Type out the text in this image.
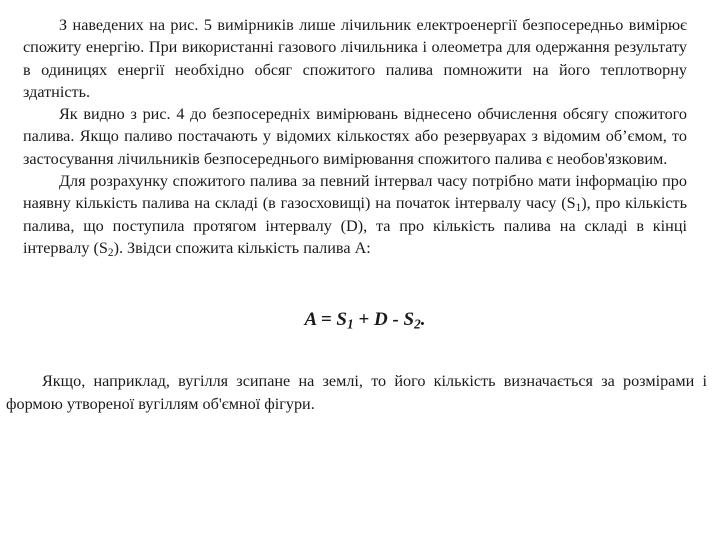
З наведених на рис. 5 вимірників лише лічильник електроенергії безпосередньо вимірює спожиту енергію. При використанні газового лічильника і олеометра для одержання результату в одиницях енергії необхідно обсяг спожитого палива помножити на його теплотворну здатність.

Як видно з рис. 4 до безпосередніх вимірювань віднесено обчислення обсягу спожитого палива. Якщо паливо постачають у відомих кількостях або резервуарах з відомим об’ємом, то застосування лічильників безпосереднього вимірювання спожитого палива є необов'язковим.

Для розрахунку спожитого палива за певний інтервал часу потрібно мати інформацію про наявну кількість палива на складі (в газосховищі) на початок інтервалу часу $(S_1)$, про кількість палива, що поступила протягом інтервалу (D), та про кількість палива на складі в кінці інтервалу $(S_2)$. Звідси спожита кількість палива А:

$A = S_1 + D - S_2$.

Якщо, наприклад, вугілля зсипане на землі, то його кількість визначається за розмірами і формою утвореної вугіллям об'ємної фігури.
